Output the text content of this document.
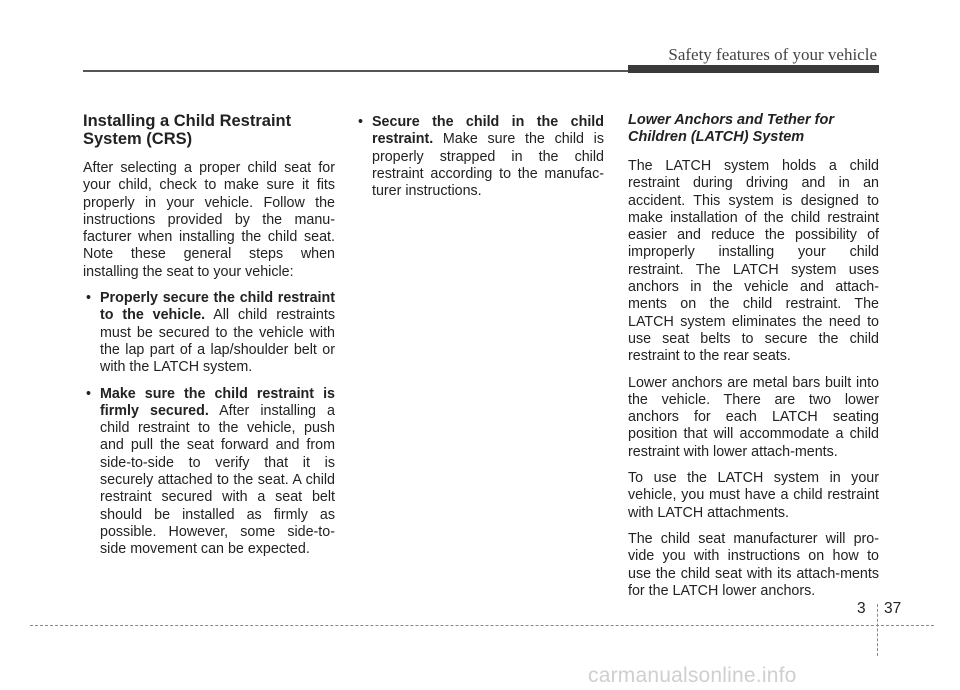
Safety features of your vehicle
Installing a Child Restraint System (CRS)

After selecting a proper child seat for your child, check to make sure it fits properly in your vehicle. Follow the instructions provided by the manu-facturer when installing the child seat. Note these general steps when installing the seat to your vehicle:

• Properly secure the child restraint to the vehicle. All child restraints must be secured to the vehicle with the lap part of a lap/shoulder belt or with the LATCH system.
• Make sure the child restraint is firmly secured. After installing a child restraint to the vehicle, push and pull the seat forward and from side-to-side to verify that it is securely attached to the seat. A child restraint secured with a seat belt should be installed as firmly as possible. However, some side-to-side movement can be expected.
• Secure the child in the child restraint. Make sure the child is properly strapped in the child restraint according to the manufac-turer instructions.
Lower Anchors and Tether for Children (LATCH) System

The LATCH system holds a child restraint during driving and in an accident. This system is designed to make installation of the child restraint easier and reduce the possibility of improperly installing your child restraint. The LATCH system uses anchors in the vehicle and attach-ments on the child restraint. The LATCH system eliminates the need to use seat belts to secure the child restraint to the rear seats.

Lower anchors are metal bars built into the vehicle. There are two lower anchors for each LATCH seating position that will accommodate a child restraint with lower attach-ments.

To use the LATCH system in your vehicle, you must have a child restraint with LATCH attachments.

The child seat manufacturer will pro-vide you with instructions on how to use the child seat with its attach-ments for the LATCH lower anchors.

3 37
carmanualsonline.info
